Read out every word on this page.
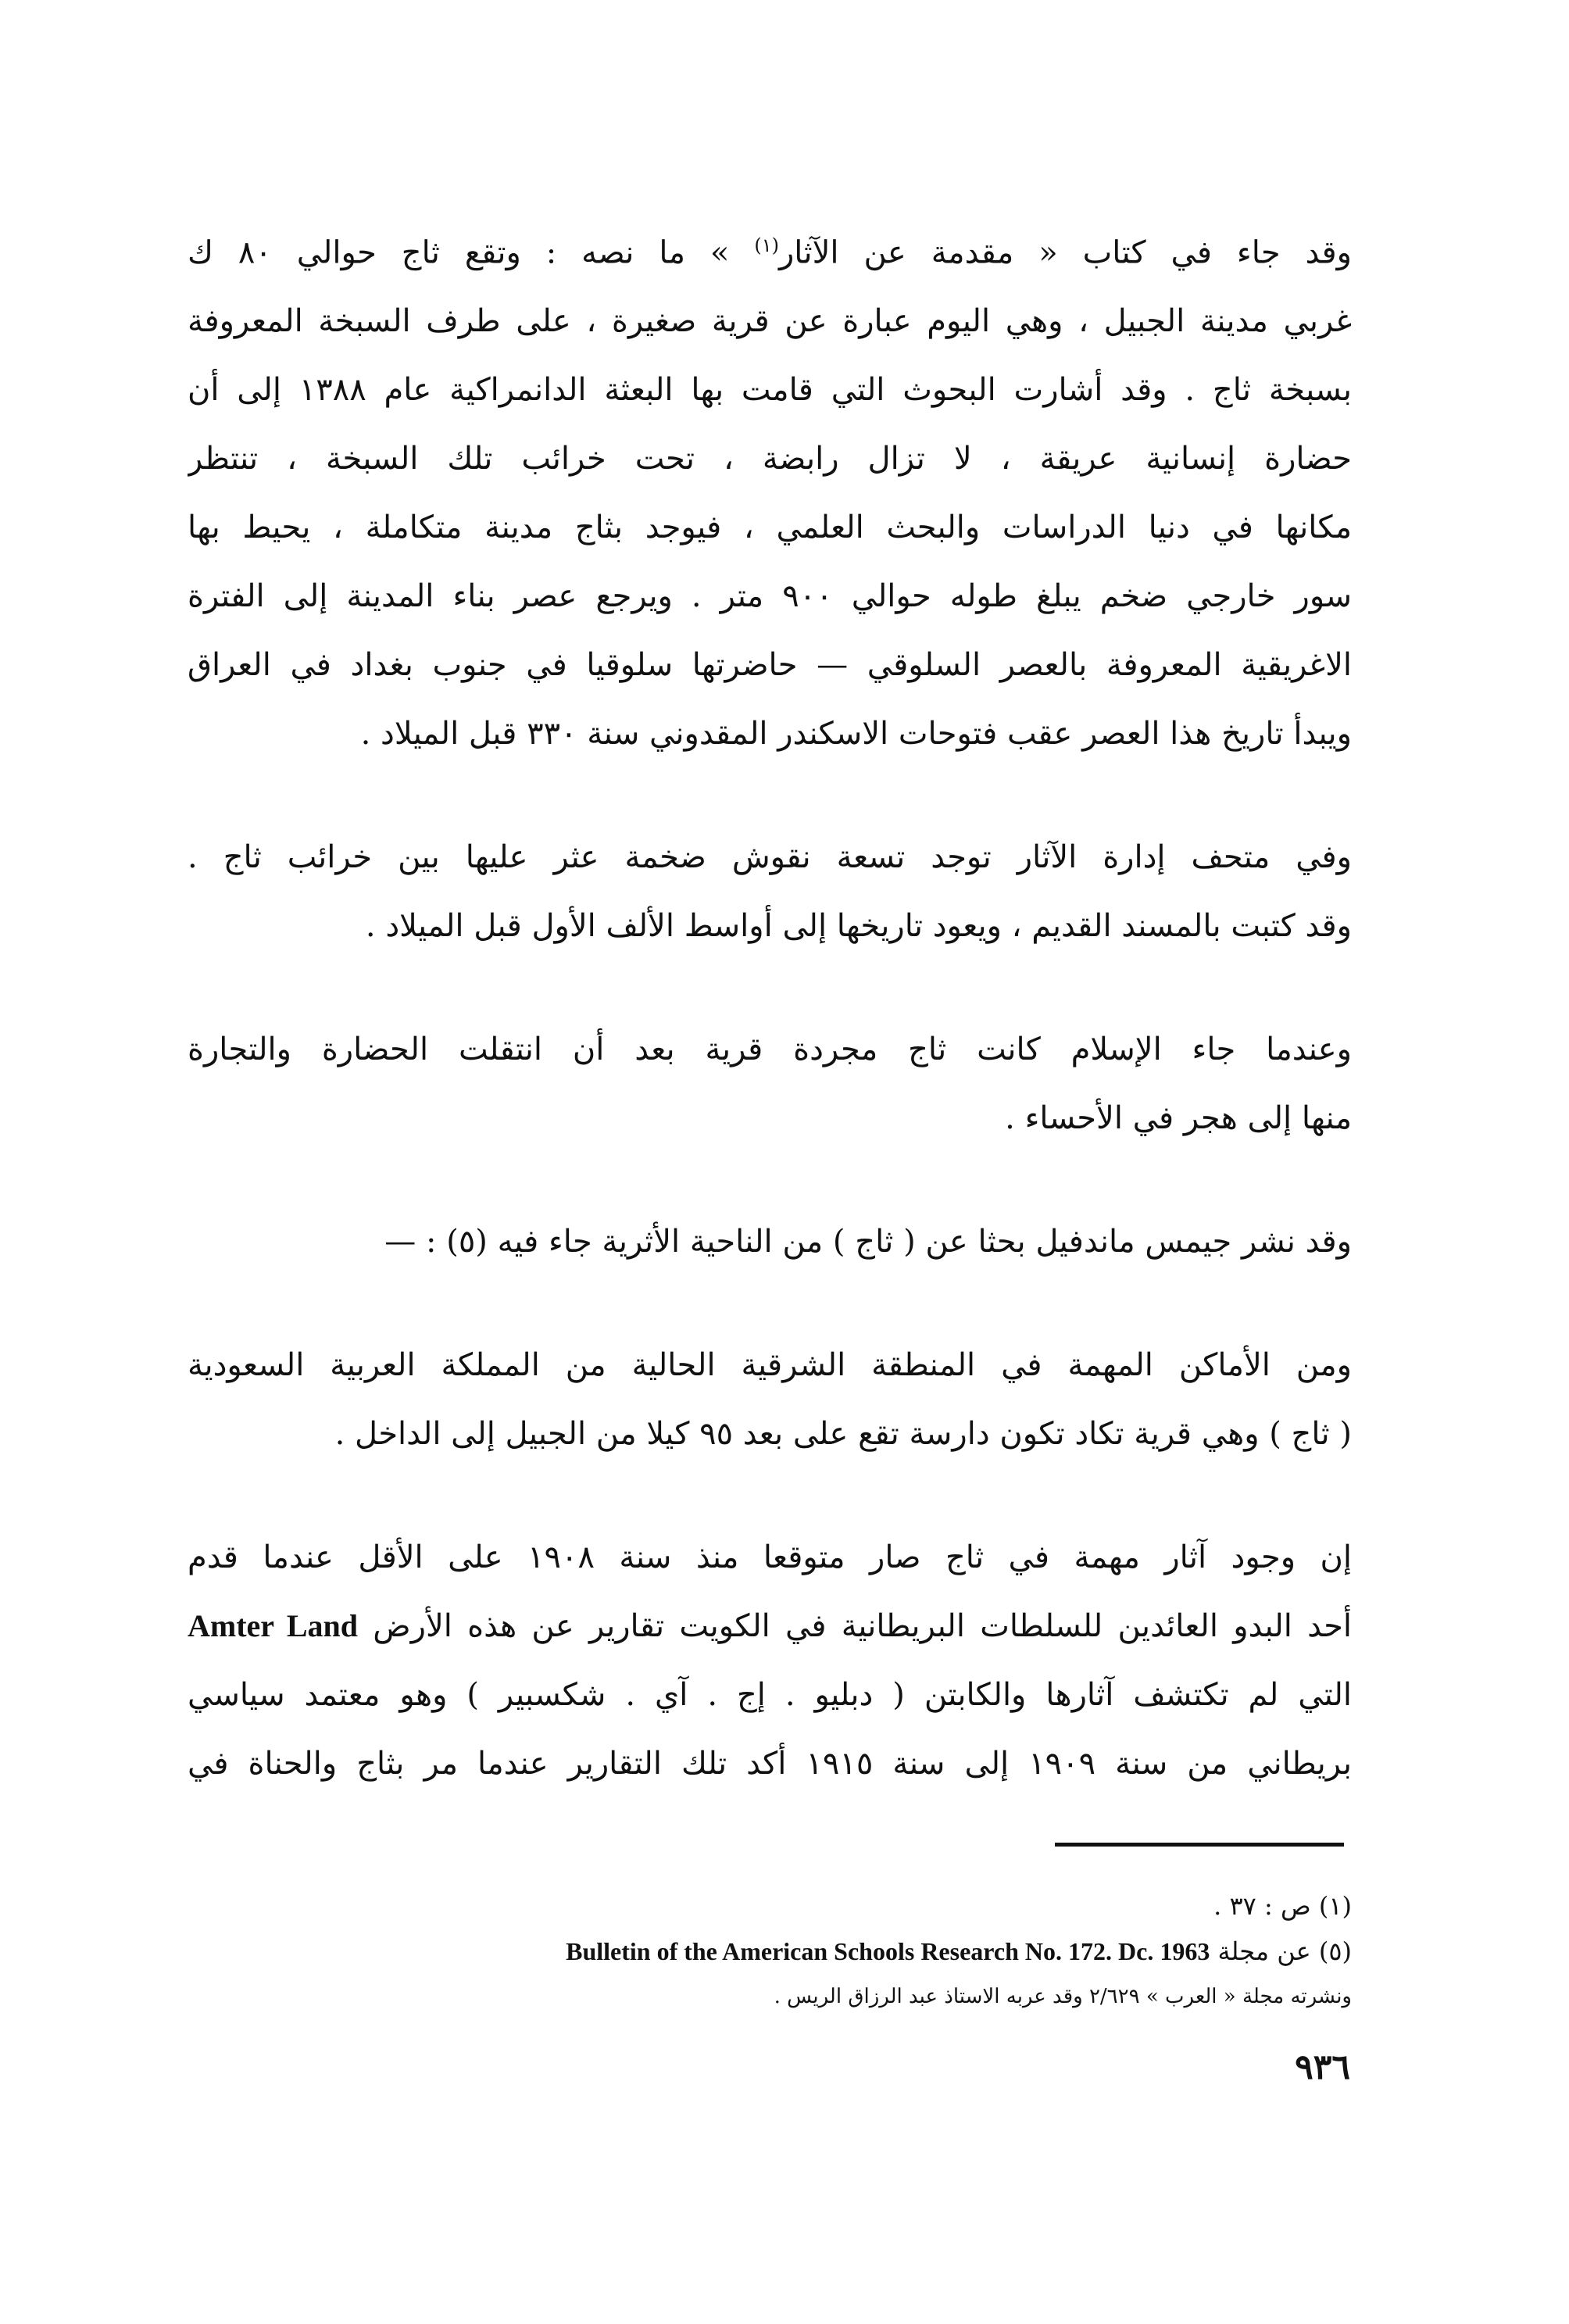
وقد جاء في كتاب « مقدمة عن الآثار$^{(١)}$ » ما نصه : وتقع ثاج حوالي ٨٠ ك
غربي مدينة الجبيل ، وهي اليوم عبارة عن قرية صغيرة ، على طرف السبخة المعروفة
بسبخة ثاج . وقد أشارت البحوث التي قامت بها البعثة الدانمراكية عام ١٣٨٨ إلى أن
حضارة إنسانية عريقة ، لا تزال رابضة ، تحت خرائب تلك السبخة ، تنتظر
مكانها في دنيا الدراسات والبحث العلمي ، فيوجد بثاج مدينة متكاملة ، يحيط بها
سور خارجي ضخم يبلغ طوله حوالي ٩٠٠ متر . ويرجع عصر بناء المدينة إلى الفترة
الاغريقية المعروفة بالعصر السلوقي — حاضرتها سلوقيا في جنوب بغداد في العراق
ويبدأ تاريخ هذا العصر عقب فتوحات الاسكندر المقدوني سنة ٣٣٠ قبل الميلاد .
وفي متحف إدارة الآثار توجد تسعة نقوش ضخمة عثر عليها بين خرائب ثاج .
وقد كتبت بالمسند القديم ، ويعود تاريخها إلى أواسط الألف الأول قبل الميلاد .
وعندما جاء الإسلام كانت ثاج مجردة قرية بعد أن انتقلت الحضارة والتجارة
منها إلى هجر في الأحساء .
وقد نشر جيمس ماندفيل بحثا عن ( ثاج ) من الناحية الأثرية جاء فيه (٥) : —
ومن الأماكن المهمة في المنطقة الشرقية الحالية من المملكة العربية السعودية
( ثاج ) وهي قرية تكاد تكون دارسة تقع على بعد ٩٥ كيلا من الجبيل إلى الداخل .
إن وجود آثار مهمة في ثاج صار متوقعا منذ سنة ١٩٠٨ على الأقل عندما قدم
أحد البدو العائدين للسلطات البريطانية في الكويت تقارير عن هذه الأرض Amter Land
التي لم تكتشف آثارها والكابتن ( دبليو . إج . آي . شكسبير ) وهو معتمد سياسي
بريطاني من سنة ١٩٠٩ إلى سنة ١٩١٥ أكد تلك التقارير عندما مر بثاج والحناة في
(١) ص : ٣٧ .
(٥) عن مجلة Bulletin of the American Schools Research No. 172. Dc. 1963
ونشرته مجلة « العرب » ٢/٦٢٩ وقد عربه الاستاذ عبد الرزاق الريس .
٩٣٦
